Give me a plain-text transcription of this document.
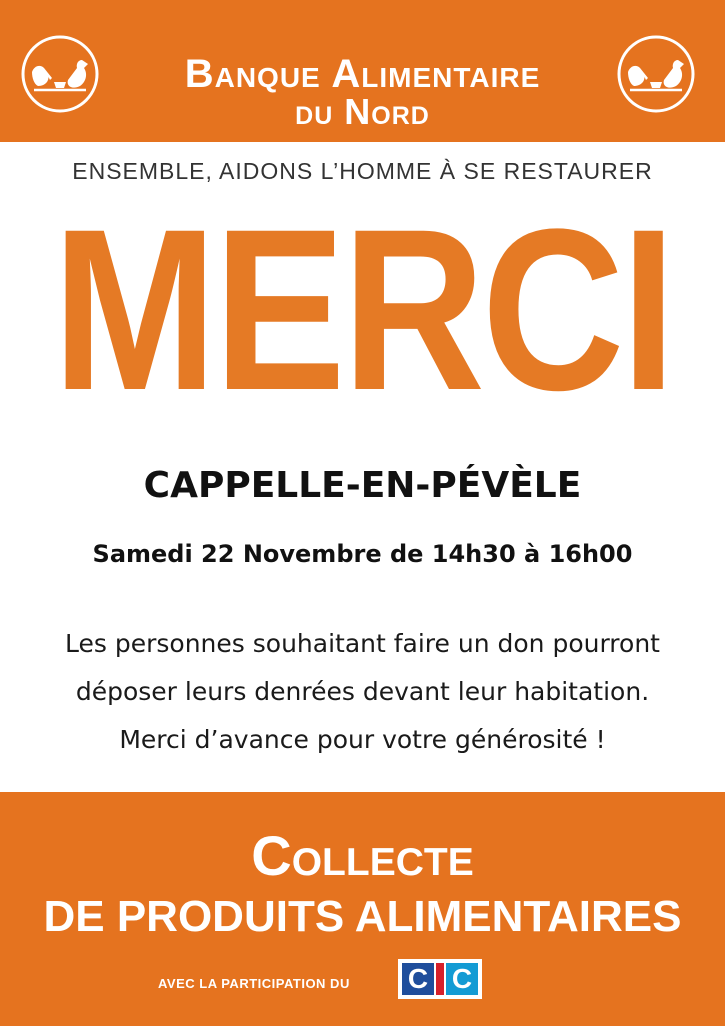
Banque Alimentaire
du Nord
ENSEMBLE, AIDONS L’HOMME À SE RESTAURER
MERCI
CAPPELLE-EN-PÉVÈLE
Samedi 22 Novembre de 14h30 à 16h00
Les personnes souhaitant faire un don pourront
déposer leurs denrées devant leur habitation.
Merci d’avance pour votre générosité !
Collecte
DE PRODUITS ALIMENTAIRES
AVEC LA PARTICIPATION DU C C
